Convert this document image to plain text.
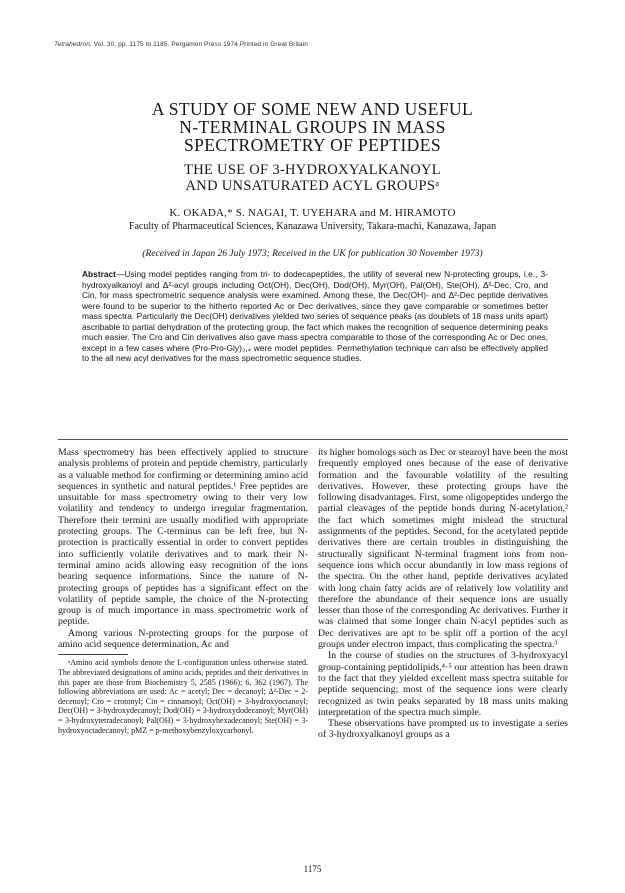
Tetrahedron. Vol. 30, pp. 1175 to 1185. Pergamon Press 1974 Printed in Great Britain
A STUDY OF SOME NEW AND USEFUL
N-TERMINAL GROUPS IN MASS
SPECTROMETRY OF PEPTIDES
THE USE OF 3-HYDROXYALKANOYL
AND UNSATURATED ACYL GROUPSᵃ
K. OKADA,* S. NAGAI, T. UYEHARA and M. HIRAMOTO
Faculty of Pharmaceutical Sciences, Kanazawa University, Takara-machi, Kanazawa, Japan
(Received in Japan 26 July 1973; Received in the UK for publication 30 November 1973)
Abstract—Using model peptides ranging from tri- to dodecapeptides, the utility of several new N-protecting groups, i.e., 3-hydroxyalkanoyl and Δ²-acyl groups including Oct(OH), Dec(OH), Dod(OH), Myr(OH), Pal(OH), Ste(OH), Δ²-Dec, Cro, and Cin, for mass spectrometric sequence analysis were examined. Among these, the Dec(OH)- and Δ²-Dec peptide derivatives were found to be superior to the hitherto reported Ac or Dec derivatives, since they gave comparable or sometimes better mass spectra. Particularly the Dec(OH) derivatives yielded two series of sequence peaks (as doublets of 18 mass units apart) ascribable to partial dehydration of the protecting group, the fact which makes the recognition of sequence determining peaks much easier. The Cro and Cin derivatives also gave mass spectra comparable to those of the corresponding Ac or Dec ones, except in a few cases where (Pro-Pro-Gly)₃,₄ were model peptides. Permethylation technique can also be effectively applied to the all new acyl derivatives for the mass spectrometric sequence studies.

Mass spectrometry has been effectively applied to structure analysis problems of protein and peptide chemistry, particularly as a valuable method for confirming or determining amino acid sequences in synthetic and natural peptides.¹ Free peptides are unsuitable for mass spectrometry owing to their very low volatility and tendency to undergo irregular fragmentation. Therefore their termini are usually modified with appropriate protecting groups. The C-terminus can be left free, but N-protection is practically essential in order to convert peptides into sufficiently volatile derivatives and to mark their N-terminal amino acids allowing easy recognition of the ions bearing sequence informations. Since the nature of N-protecting groups of peptides has a significant effect on the volatility of peptide sample, the choice of the N-protecting group is of much importance in mass spectrometric work of peptide.

Among various N-protecting groups for the purpose of amino acid sequence determination, Ac and

ᵃAmino acid symbols denote the L-configuration unless otherwise stated. The abbreviated designations of amino acids, peptides and their derivatives in this paper are those from Biochemistry 5, 2585 (1966); 6, 362 (1967). The following abbreviations are used: Ac = acetyl; Dec = decanoyl; Δ²-Dec = 2-decenoyl; Cro = crotonyl; Cin = cinnamoyl; Oct(OH) = 3-hydroxyoctanoyl; Dec(OH) = 3-hydroxydecanoyl; Dod(OH) = 3-hydroxydodecanoyl; Myr(OH) = 3-hydroxytetradecanoyl; Pal(OH) = 3-hydroxyhexadecanoyl; Ste(OH) = 3-hydroxyoctadecanoyl; pMZ = p-methoxybenzyloxycarbonyl.

its higher homologs such as Dec or stearoyl have been the most frequently employed ones because of the ease of derivative formation and the favourable volatility of the resulting derivatives. However, these protecting groups have the following disadvantages. First, some oligopeptides undergo the partial cleavages of the peptide bonds during N-acetylation,² the fact which sometimes might mislead the structural assignments of the peptides. Second, for the acetylated peptide derivatives there are certain troubles in distinguishing the structurally significant N-terminal fragment ions from non-sequence ions which occur abundantly in low mass regions of the spectra. On the other hand, peptide derivatives acylated with long chain fatty acids are of relatively low volatility and therefore the abundance of their sequence ions are usually lesser than those of the corresponding Ac derivatives. Further it was claimed that some longer chain N-acyl peptides such as Dec derivatives are apt to be split off a portion of the acyl groups under electron impact, thus complicating the spectra.³

In the course of studies on the structures of 3-hydroxyacyl group-containing peptidolipids,⁴·⁵ our attention has been drawn to the fact that they yielded excellent mass spectra suitable for peptide sequencing; most of the sequence ions were clearly recognized as twin peaks separated by 18 mass units making interpretation of the spectra much simple.

These observations have prompted us to investigate a series of 3-hydroxyalkanoyl groups as a

1175
